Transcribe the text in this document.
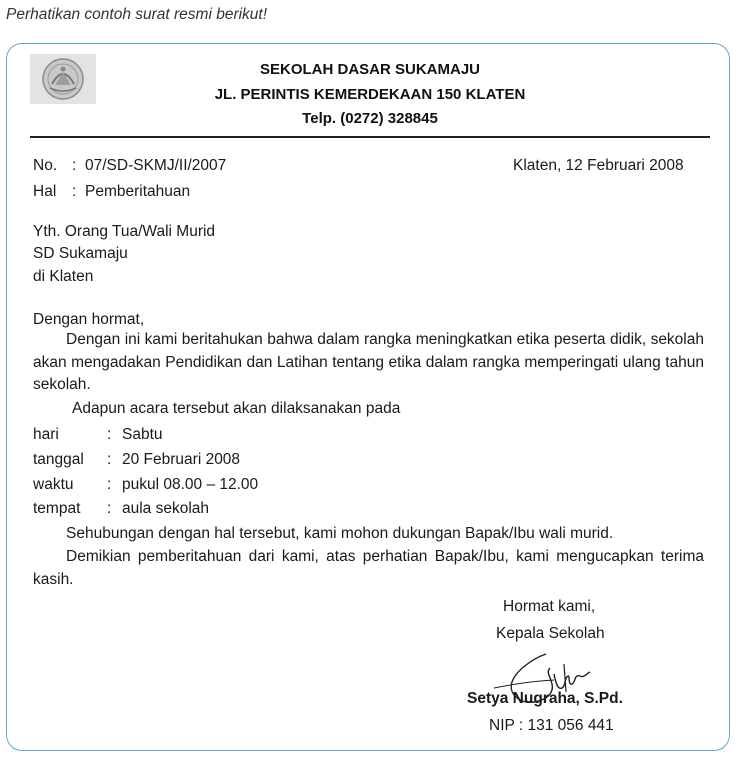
Perhatikan contoh surat resmi berikut!
SEKOLAH DASAR SUKAMAJU
JL. PERINTIS KEMERDEKAAN 150 KLATEN
Telp. (0272) 328845
No. : 07/SD-SKMJ/II/2007	Klaten, 12 Februari 2008
Hal : Pemberitahuan
Yth. Orang Tua/Wali Murid
SD Sukamaju
di Klaten
Dengan hormat,
Dengan ini kami beritahukan bahwa dalam rangka meningkatkan etika peserta didik, sekolah akan mengadakan Pendidikan dan Latihan tentang etika dalam rangka memperingati ulang tahun sekolah.
Adapun acara tersebut akan dilaksanakan pada
hari	: Sabtu
tanggal : 20 Februari 2008
waktu : pukul 08.00 – 12.00
tempat : aula sekolah
Sehubungan dengan hal tersebut, kami mohon dukungan Bapak/Ibu wali murid.
Demikian pemberitahuan dari kami, atas perhatian Bapak/Ibu, kami mengucapkan terima kasih.
Hormat kami,
Kepala Sekolah
Setya Nugraha, S.Pd.
NIP : 131 056 441
